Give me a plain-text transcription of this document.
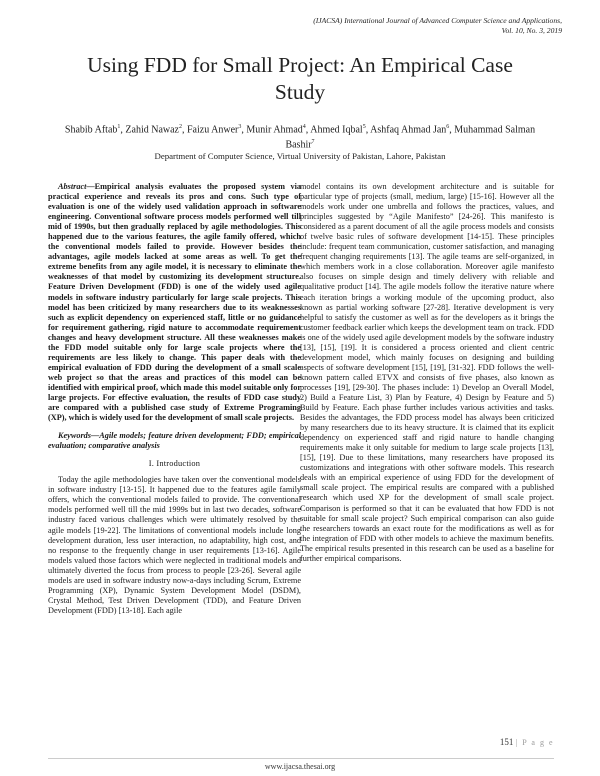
(IJACSA) International Journal of Advanced Computer Science and Applications,
Vol. 10, No. 3, 2019
Using FDD for Small Project: An Empirical Case
Study
Shabib Aftab$^1$, Zahid Nawaz$^2$, Faizu Anwer$^3$, Munir Ahmad$^4$, Ahmed Iqbal$^5$, Ashfaq Ahmad Jan$^6$, Muhammad Salman
Bashir$^7$
Department of Computer Science, Virtual University of Pakistan, Lahore, Pakistan

Abstract—Empirical analysis evaluates the proposed system via practical experience and reveals its pros and cons. Such type of evaluation is one of the widely used validation approach in software engineering. Conventional software process models performed well till mid of 1990s, but then gradually replaced by agile methodologies. This happened due to the various features, the agile family offered, which the conventional models failed to provide. However besides the advantages, agile models lacked at some areas as well. To get the extreme benefits from any agile model, it is necessary to eliminate the weaknesses of that model by customizing its development structure. Feature Driven Development (FDD) is one of the widely used agile models in software industry particularly for large scale projects. This model has been criticized by many researchers due to its weaknesses such as explicit dependency on experienced staff, little or no guidance for requirement gathering, rigid nature to accommodate requirement changes and heavy development structure. All these weaknesses make the FDD model suitable only for large scale projects where the requirements are less likely to change. This paper deals with the empirical evaluation of FDD during the development of a small scale web project so that the areas and practices of this model can be identified with empirical proof, which made this model suitable only for large projects. For effective evaluation, the results of FDD case study are compared with a published case study of Extreme Programing (XP), which is widely used for the development of small scale projects.

Keywords—Agile models; feature driven development; FDD; empirical evaluation; comparative analysis

I. Introduction

Today the agile methodologies have taken over the conventional models in software industry [13-15]. It happened due to the features agile family offers, which the conventional models failed to provide. The conventional models performed well till the mid 1999s but in last two decades, software industry faced various challenges which were ultimately resolved by the agile models [19-22]. The limitations of conventional models include long development duration, less user interaction, no adaptability, high cost, and no response to the frequently change in user requirements [13-16]. Agile models valued those factors which were neglected in traditional models and ultimately diverted the focus from process to people [23-26]. Several agile models are used in software industry now-a-days including Scrum, Extreme Programming (XP), Dynamic System Development Model (DSDM), Crystal Method, Test Driven Development (TDD), and Feature Driven Development (FDD) [13-18]. Each agile

model contains its own development architecture and is suitable for particular type of projects (small, medium, large) [15-16]. However all the models work under one umbrella and follows the practices, values, and principles suggested by “Agile Manifesto” [24-26]. This manifesto is considered as a parent document of all the agile process models and consists of twelve basic rules of software development [14-15]. These principles include: frequent team communication, customer satisfaction, and managing frequent changing requirements [13]. The agile teams are self-organized, in which members work in a close collaboration. Moreover agile manifesto also focuses on simple design and timely delivery with reliable and qualitative product [14]. The agile models follow the iterative nature where each iteration brings a working module of the upcoming product, also known as partial working software [27-28]. Iterative development is very helpful to satisfy the customer as well as for the developers as it brings the customer feedback earlier which keeps the development team on track. FDD is one of the widely used agile development models by the software industry [13], [15], [19]. It is considered a process oriented and client centric development model, which mainly focuses on designing and building aspects of software development [15], [19], [31-32]. FDD follows the well-known pattern called ETVX and consists of five phases, also known as processes [19], [29-30]. The phases include: 1) Develop an Overall Model, 2) Build a Feature List, 3) Plan by Feature, 4) Design by Feature and 5) Build by Feature. Each phase further includes various activities and tasks. Besides the advantages, the FDD process model has always been criticized by many researchers due to its heavy structure. It is claimed that its explicit dependency on experienced staff and rigid nature to handle changing requirements make it only suitable for medium to large scale projects [13], [15], [19]. Due to these limitations, many researchers have proposed its customizations and integrations with other software models. This research deals with an empirical experience of using FDD for the development of small scale project. The empirical results are compared with a published research which used XP for the development of small scale project. Comparison is performed so that it can be evaluated that how FDD is not suitable for small scale project? Such empirical comparison can also guide the researchers towards an exact route for the modifications as well as for the integration of FDD with other models to achieve the maximum benefits. The empirical results presented in this research can be used as a baseline for further empirical comparisons.

151 | P a g e
www.ijacsa.thesai.org
